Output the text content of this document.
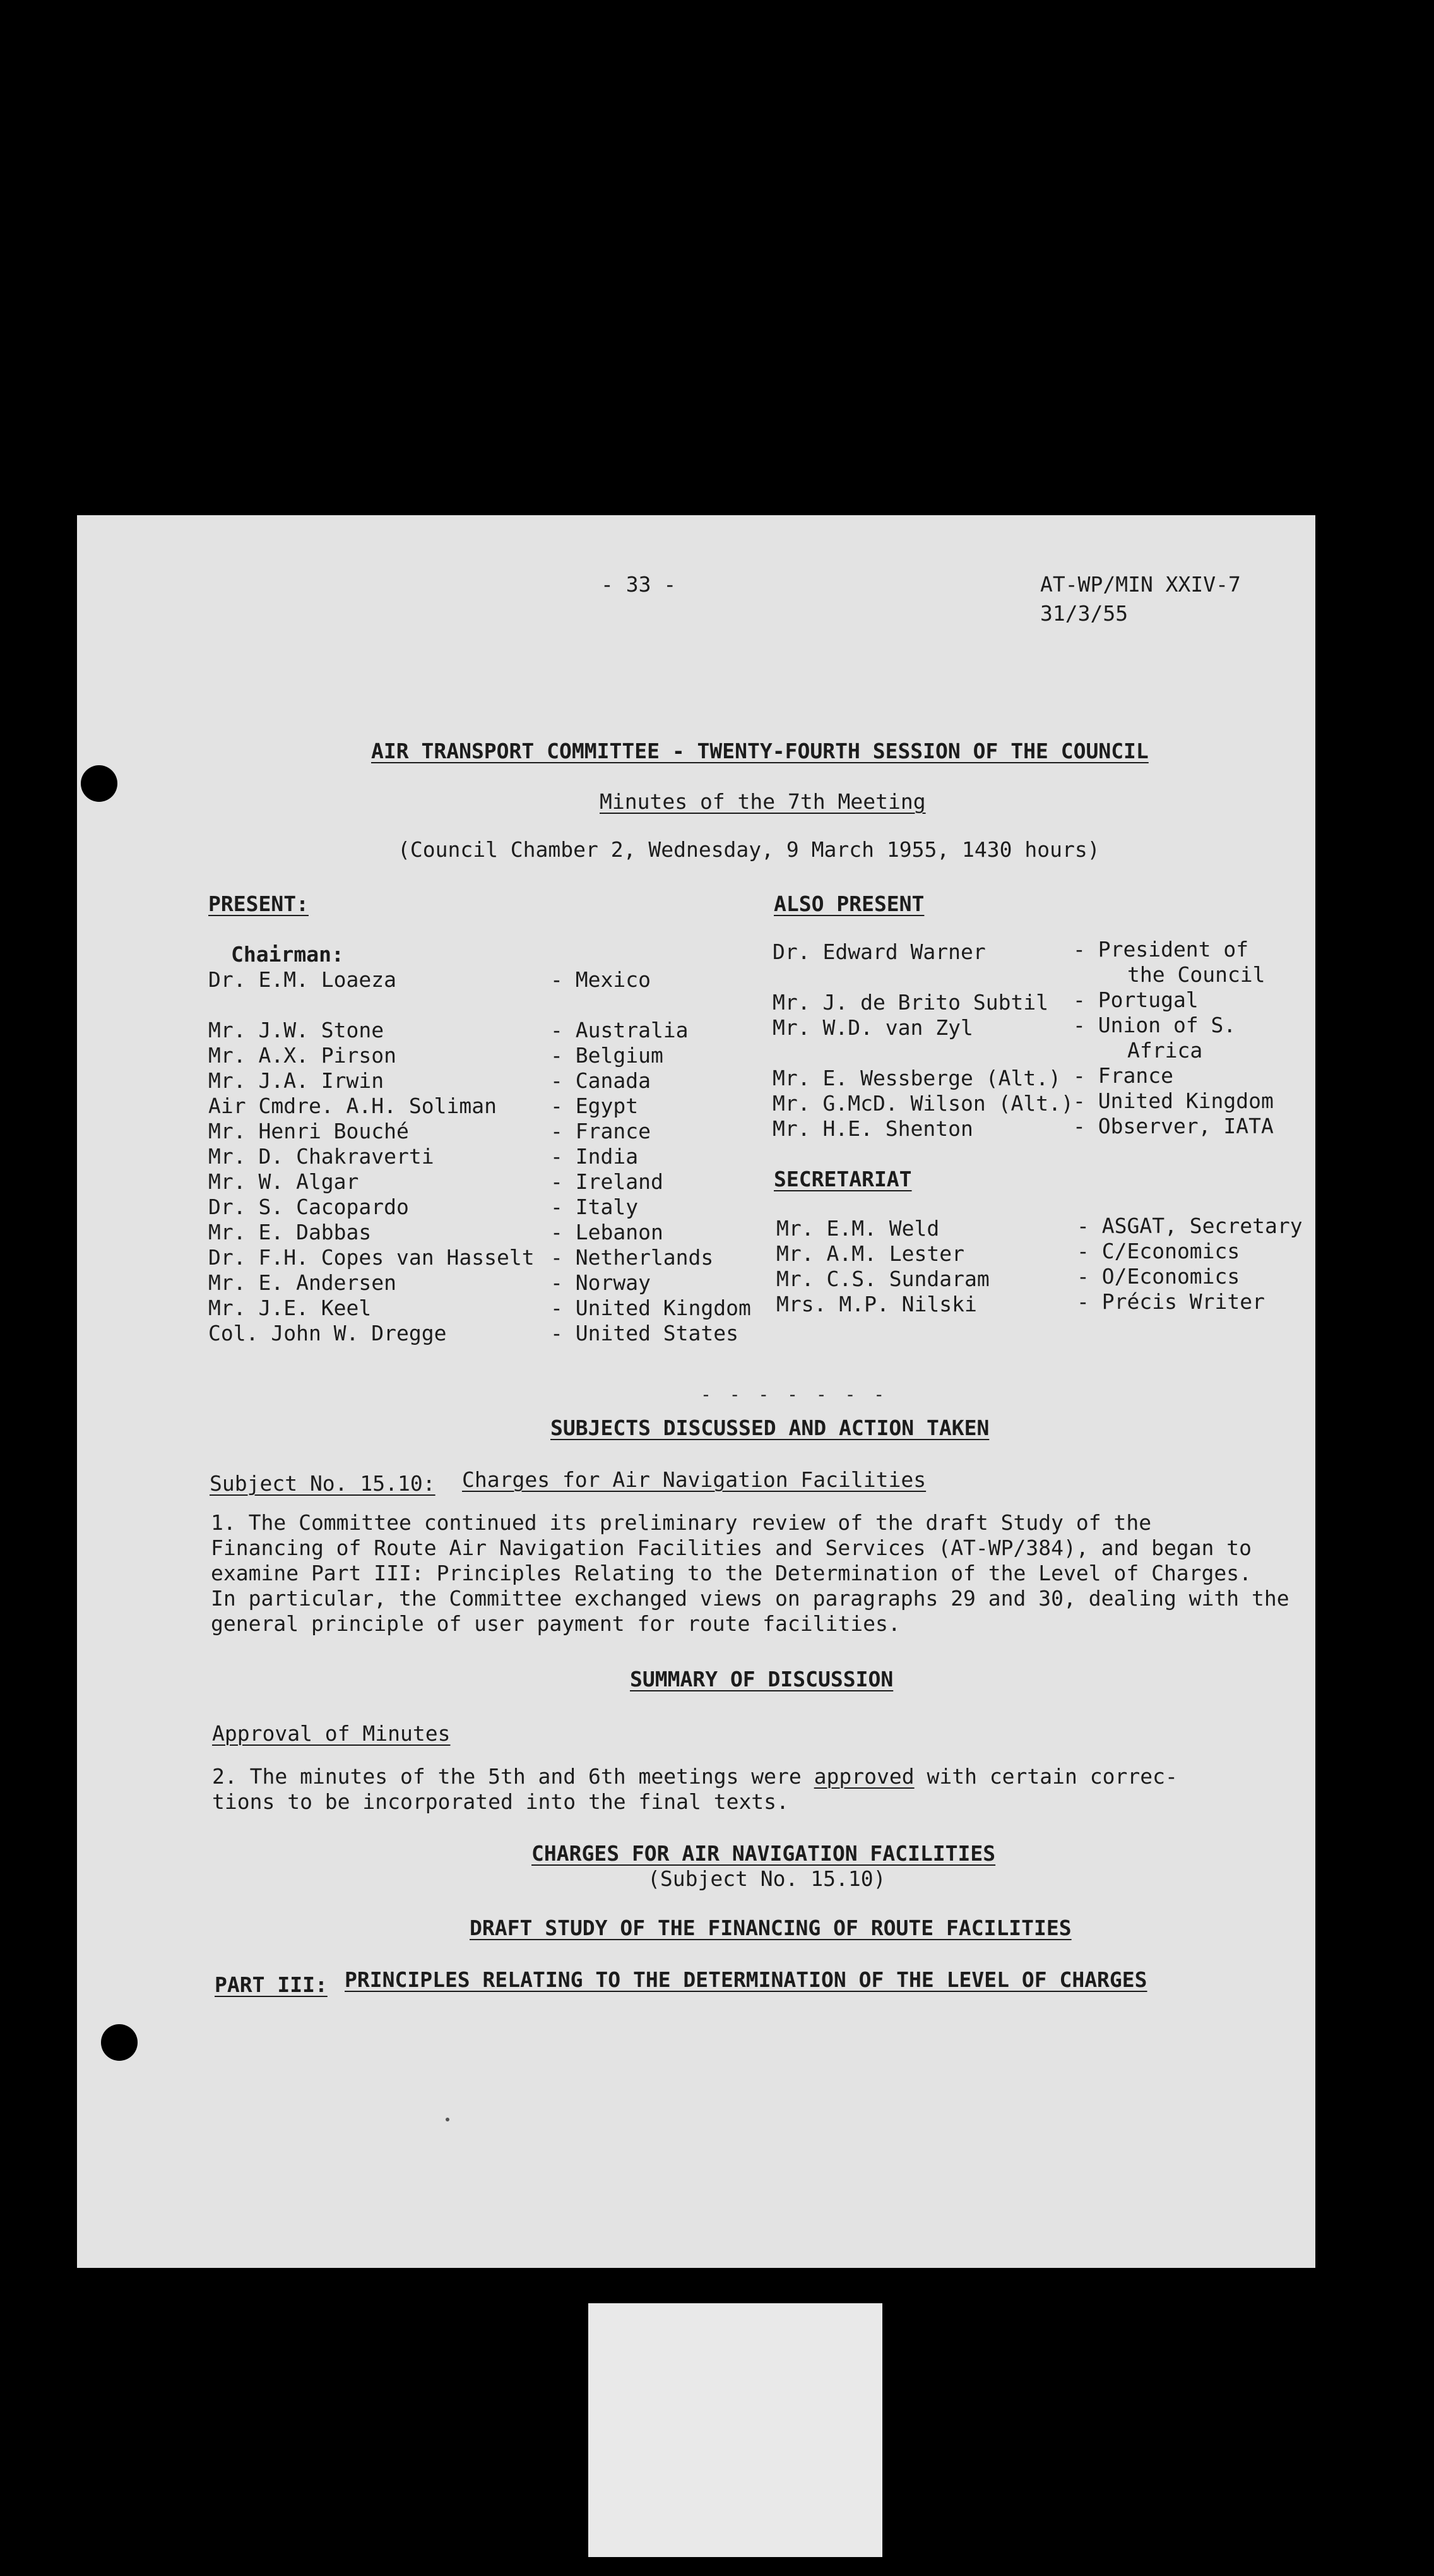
- 33 -	AT-WP/MIN XXIV-7
31/3/55
AIR TRANSPORT COMMITTEE - TWENTY-FOURTH SESSION OF THE COUNCIL
Minutes of the 7th Meeting
(Council Chamber 2, Wednesday, 9 March 1955, 1430 hours)
PRESENT:
Chairman:
Dr. E.M. Loaeza	- Mexico
Mr. J.W. Stone	- Australia
Mr. A.X. Pirson	- Belgium
Mr. J.A. Irwin	- Canada
Air Cmdre. A.H. Soliman	- Egypt
Mr. Henri Bouché	- France
Mr. D. Chakraverti	- India
Mr. W. Algar	- Ireland
Dr. S. Cacopardo	- Italy
Mr. E. Dabbas	- Lebanon
Dr. F.H. Copes van Hasselt - Netherlands
Mr. E. Andersen	- Norway
Mr. J.E. Keel	- United Kingdom
Col. John W. Dregge	- United States
ALSO PRESENT
Dr. Edward Warner	- President of
the Council
Mr. J. de Brito Subtil - Portugal
Mr. W.D. van Zyl	- Union of S.
Africa
Mr. E. Wessberge (Alt.) - France
Mr. G.McD. Wilson (Alt.) - United Kingdom
Mr. H.E. Shenton	- Observer, IATA
SECRETARIAT
Mr. E.M. Weld	- ASGAT, Secretary
Mr. A.M. Lester	- C/Economics
Mr. C.S. Sundaram	- O/Economics
Mrs. M.P. Nilski	- Précis Writer
- - - - - - -
SUBJECTS DISCUSSED AND ACTION TAKEN
Subject No. 15.10: Charges for Air Navigation Facilities
1. The Committee continued its preliminary review of the draft Study of the
Financing of Route Air Navigation Facilities and Services (AT-WP/384), and began to
examine Part III: Principles Relating to the Determination of the Level of Charges.
In particular, the Committee exchanged views on paragraphs 29 and 30, dealing with the
general principle of user payment for route facilities.
SUMMARY OF DISCUSSION
Approval of Minutes
2. The minutes of the 5th and 6th meetings were approved with certain correc-
tions to be incorporated into the final texts.
CHARGES FOR AIR NAVIGATION FACILITIES
(Subject No. 15.10)
DRAFT STUDY OF THE FINANCING OF ROUTE FACILITIES
PART III: PRINCIPLES RELATING TO THE DETERMINATION OF THE LEVEL OF CHARGES
